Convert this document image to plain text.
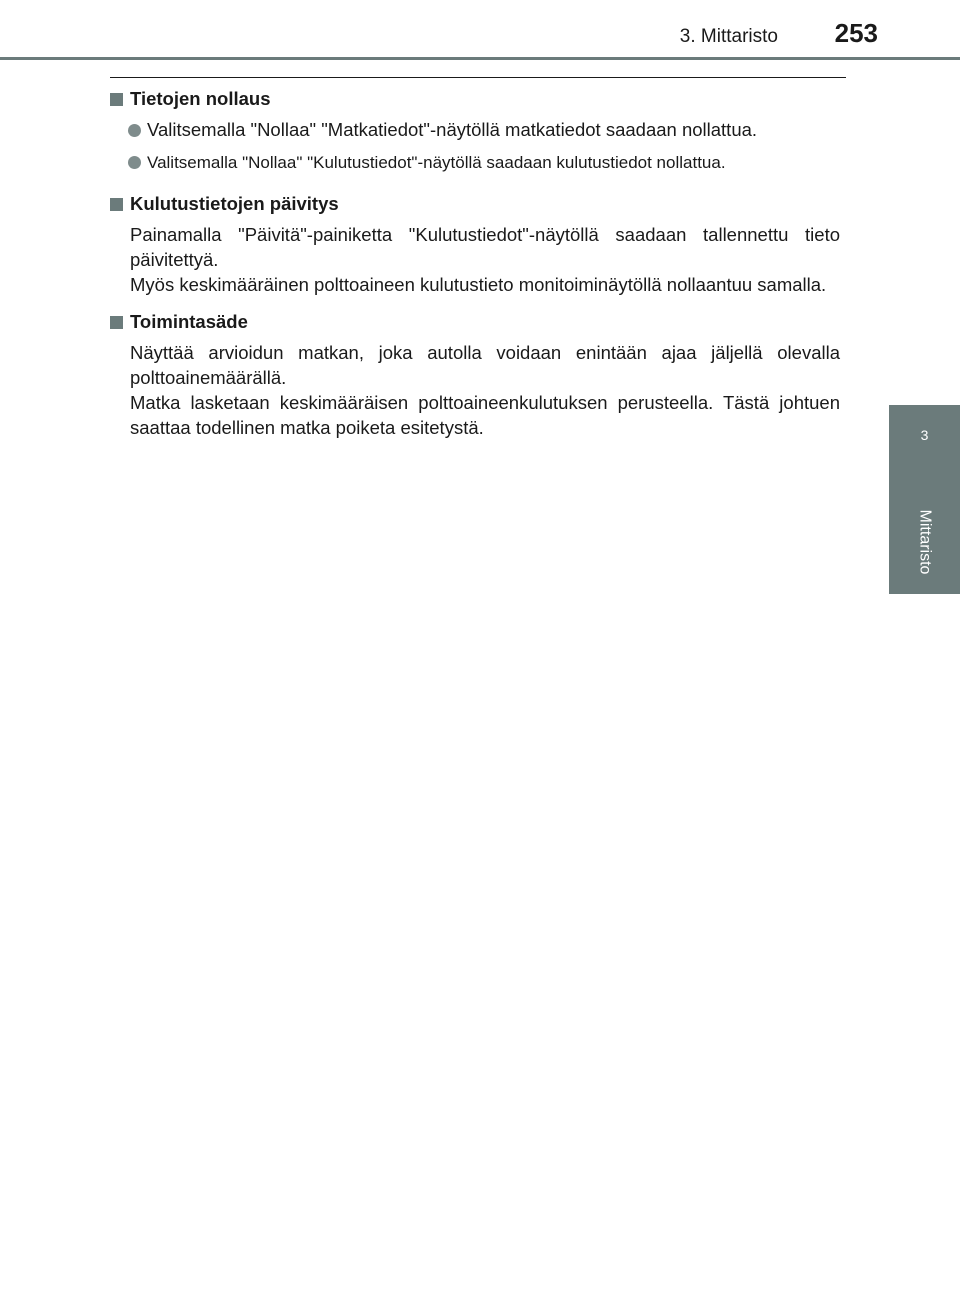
3. Mittaristo 253
3
Mittaristo
Tietojen nollaus
Valitsemalla "Nollaa" "Matkatiedot"-näytöllä matkatiedot saadaan nollattua.
Valitsemalla "Nollaa" "Kulutustiedot"-näytöllä saadaan kulutustiedot nollattua.
Kulutustietojen päivitys

Painamalla "Päivitä"-painiketta "Kulutustiedot"-näytöllä saadaan tallennettu tieto päivitettyä.

Myös keskimääräinen polttoaineen kulutustieto monitoiminäytöllä nollaantuu samalla.

Toimintasäde

Näyttää arvioidun matkan, joka autolla voidaan enintään ajaa jäljellä olevalla polttoainemäärällä.

Matka lasketaan keskimääräisen polttoaineenkulutuksen perusteella. Tästä johtuen saattaa todellinen matka poiketa esitetystä.
